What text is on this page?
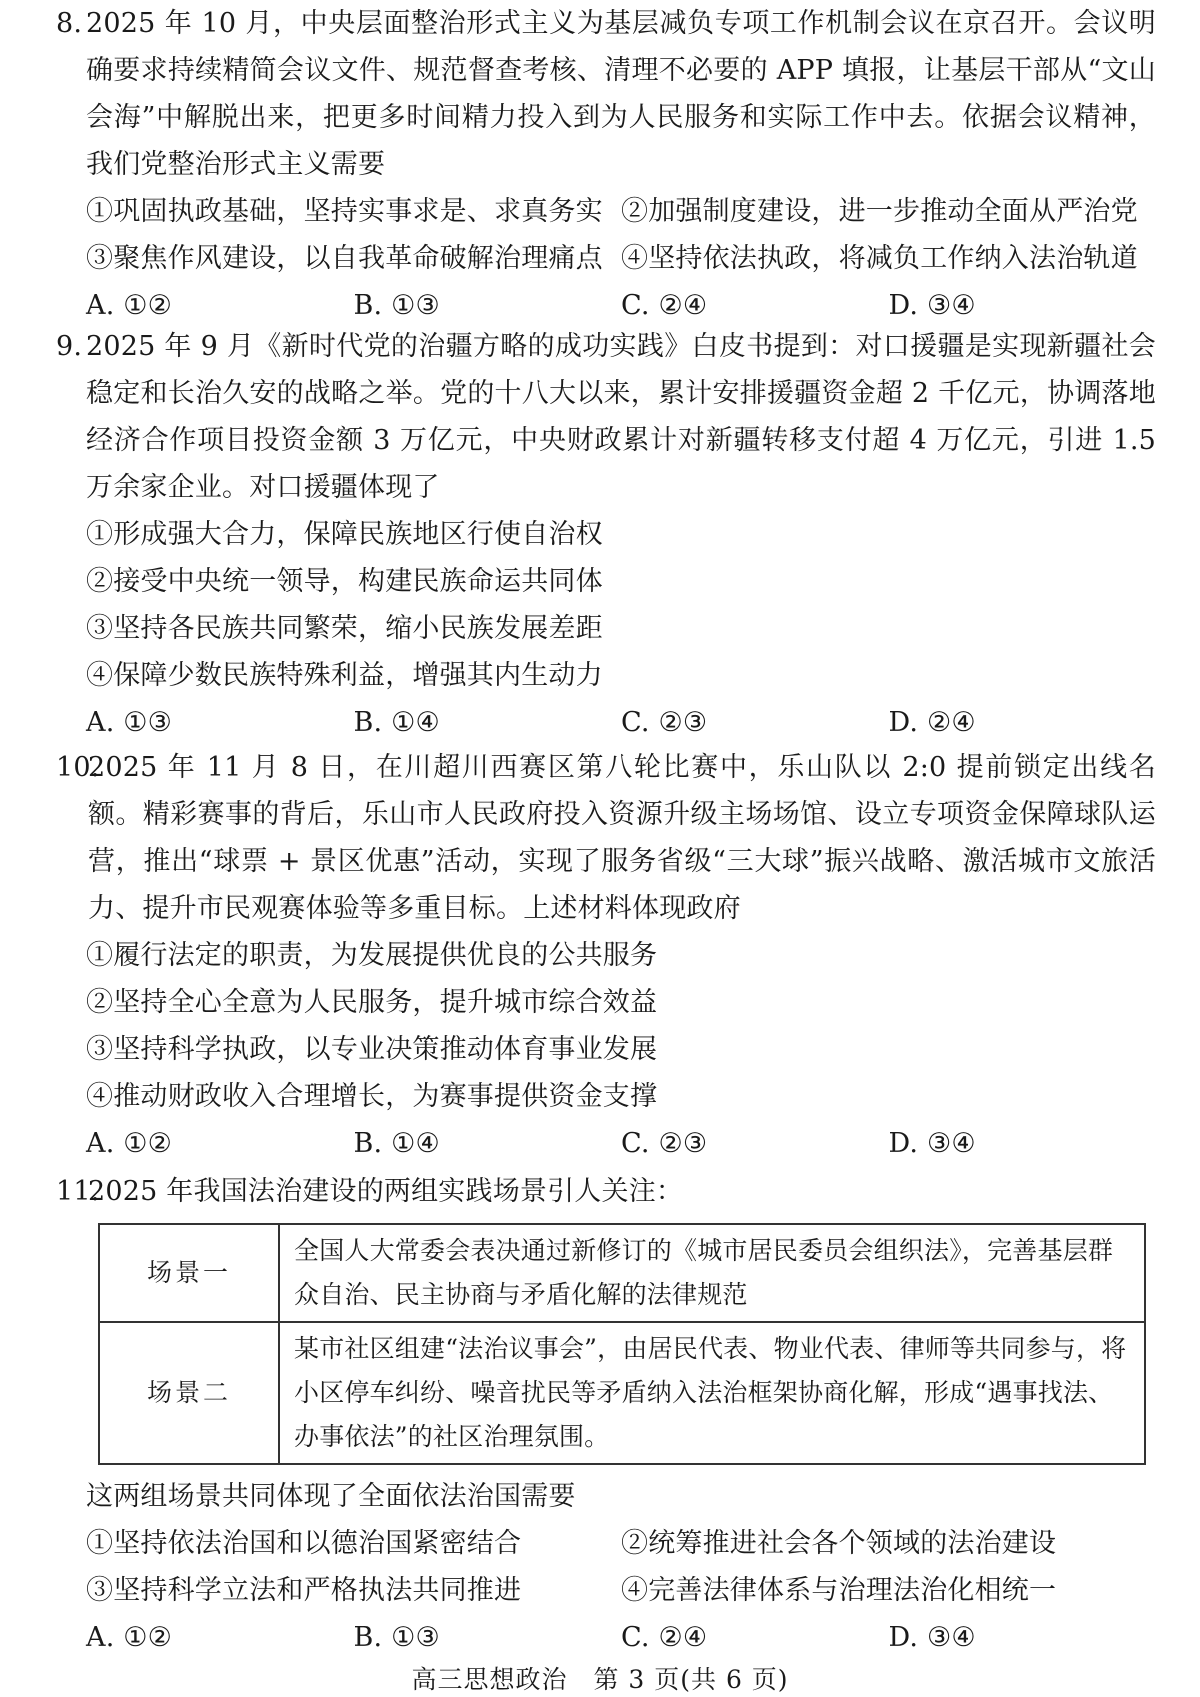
8. 2025 年 10 月，中央层面整治形式主义为基层减负专项工作机制会议在京召开。会议明确要求持续精简会议文件、规范督查考核、清理不必要的 APP 填报，让基层干部从“文山会海”中解脱出来，把更多时间精力投入到为人民服务和实际工作中去。依据会议精神，我们党整治形式主义需要
①巩固执政基础，坚持实事求是、求真务实 ②加强制度建设，进一步推动全面从严治党
③聚焦作风建设，以自我革命破解治理痛点 ④坚持依法执政，将减负工作纳入法治轨道
A. ①②	B. ①③	C. ②④	D. ③④
9. 2025 年 9 月《新时代党的治疆方略的成功实践》白皮书提到：对口援疆是实现新疆社会稳定和长治久安的战略之举。党的十八大以来，累计安排援疆资金超 2 千亿元，协调落地经济合作项目投资金额 3 万亿元，中央财政累计对新疆转移支付超 4 万亿元，引进 1.5 万余家企业。对口援疆体现了
①形成强大合力，保障民族地区行使自治权
②接受中央统一领导，构建民族命运共同体
③坚持各民族共同繁荣，缩小民族发展差距
④保障少数民族特殊利益，增强其内生动力
A. ①③	B. ①④	C. ②③	D. ②④
10.
2025 年 11 月 8 日，在川超川西赛区第八轮比赛中，乐山队以 2:0 提前锁定出线名额。精彩赛事的背后，乐山市人民政府投入资源升级主场场馆、设立专项资金保障球队运营，推出“球票 + 景区优惠”活动，实现了服务省级“三大球”振兴战略、激活城市文旅活力、提升市民观赛体验等多重目标。上述材料体现政府
①履行法定的职责，为发展提供优良的公共服务
②坚持全心全意为人民服务，提升城市综合效益
③坚持科学执政，以专业决策推动体育事业发展
④推动财政收入合理增长，为赛事提供资金支撑
A. ①②	B. ①④	C. ②③	D. ③④
11.
2025 年我国法治建设的两组实践场景引人关注：
场景一	全国人大常委会表决通过新修订的《城市居民委员会组织法》，完善基层群众自治、民主协商与矛盾化解的法律规范
场景二	某市社区组建“法治议事会”，由居民代表、物业代表、律师等共同参与，将小区停车纠纷、噪音扰民等矛盾纳入法治框架协商化解，形成“遇事找法、办事依法”的社区治理氛围。
这两组场景共同体现了全面依法治国需要
①坚持依法治国和以德治国紧密结合	②统筹推进社会各个领域的法治建设
③坚持科学立法和严格执法共同推进	④完善法律体系与治理法治化相统一
A. ①②	B. ①③	C. ②④	D. ③④
高三思想政治　第 3 页(共 6 页)
